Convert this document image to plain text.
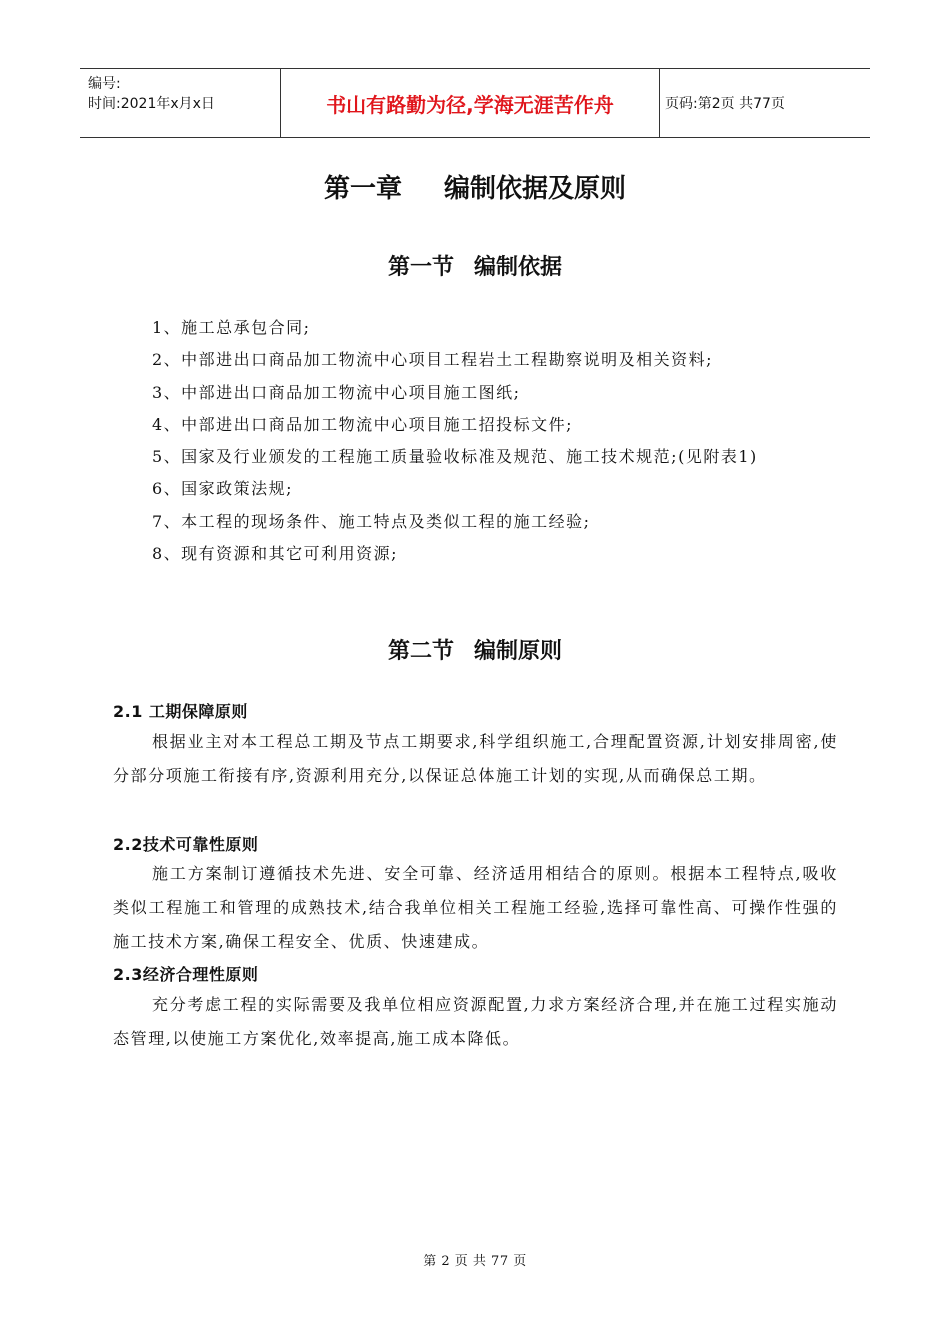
编号:
时间:2021年x月x日	书山有路勤为径,学海无涯苦作舟	页码:第2页 共77页
第一章 编制依据及原则
第一节 编制依据
1、施工总承包合同;
2、中部进出口商品加工物流中心项目工程岩土工程勘察说明及相关资料;
3、中部进出口商品加工物流中心项目施工图纸;
4、中部进出口商品加工物流中心项目施工招投标文件;
5、国家及行业颁发的工程施工质量验收标准及规范、施工技术规范;(见附表1)
6、国家政策法规;
7、本工程的现场条件、施工特点及类似工程的施工经验;
8、现有资源和其它可利用资源;
第二节 编制原则
2.1 工期保障原则
根据业主对本工程总工期及节点工期要求,科学组织施工,合理配置资源,计划安排周密,使分部分项施工衔接有序,资源利用充分,以保证总体施工计划的实现,从而确保总工期。
2.2技术可靠性原则
施工方案制订遵循技术先进、安全可靠、经济适用相结合的原则。根据本工程特点,吸收类似工程施工和管理的成熟技术,结合我单位相关工程施工经验,选择可靠性高、可操作性强的施工技术方案,确保工程安全、优质、快速建成。
2.3经济合理性原则
充分考虑工程的实际需要及我单位相应资源配置,力求方案经济合理,并在施工过程实施动态管理,以使施工方案优化,效率提高,施工成本降低。
第 2 页 共 77 页
